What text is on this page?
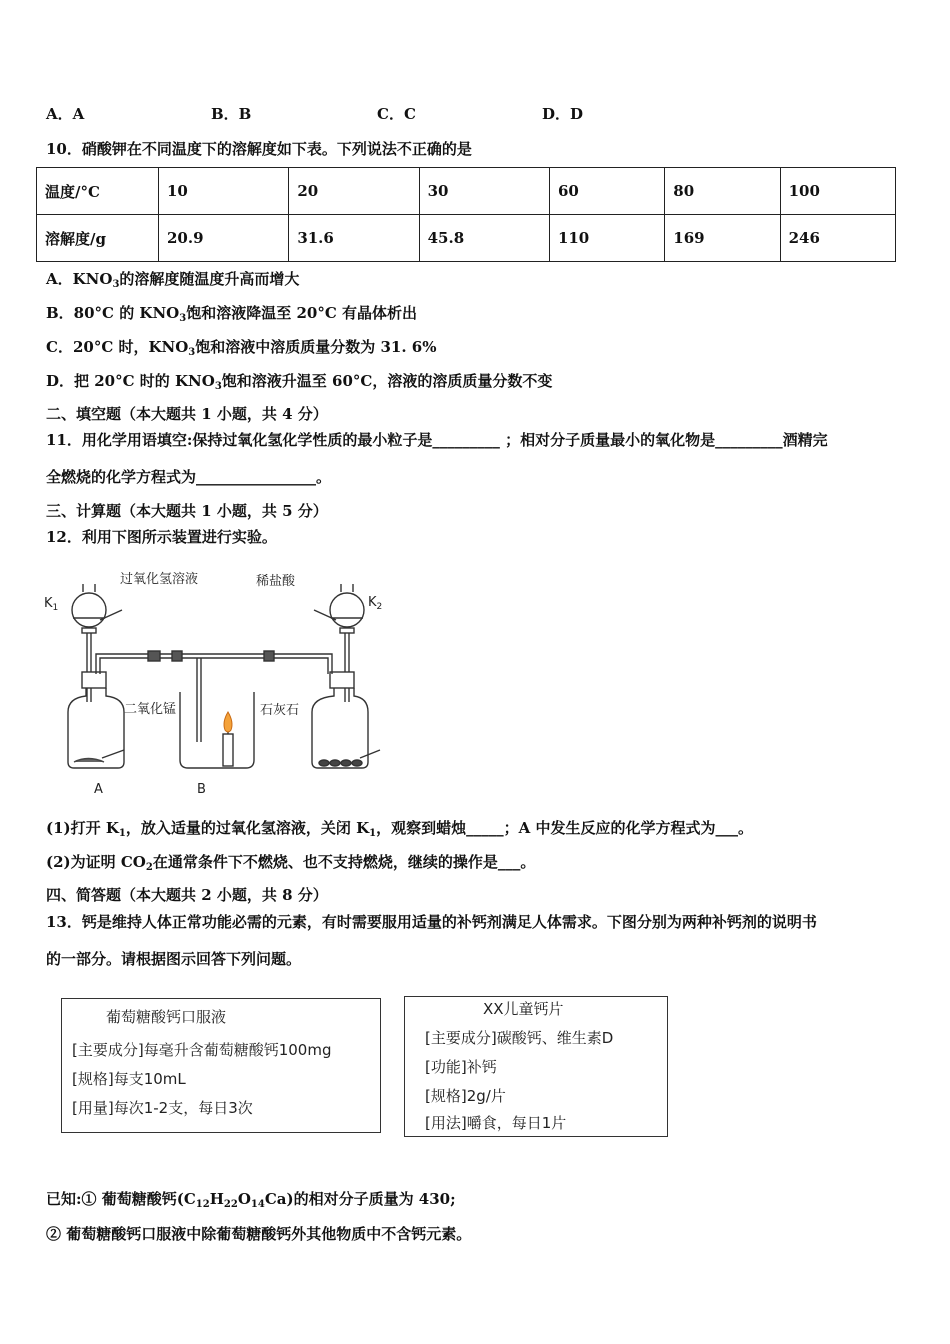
A．A	B．B	C．C	D．D
10．硝酸钾在不同温度下的溶解度如下表。下列说法不正确的是
温度/°C	10	20	30	60	80	100
溶解度/g	20.9	31.6	45.8	110	169	246
A．$KNO_3$的溶解度随温度升高而增大
B．80°C 的 $KNO_3$饱和溶液降温至 20°C 有晶体析出
C．20°C 时，$KNO_3$饱和溶液中溶质质量分数为 31. 6%
D．把 20°C 时的 $KNO_3$饱和溶液升温至 60°C，溶液的溶质质量分数不变
二、填空题（本大题共 1 小题，共 4 分）
11．用化学用语填空:保持过氧化氢化学性质的最小粒子是_________ ；相对分子质量最小的氧化物是_________酒精完
全燃烧的化学方程式为________________。
三、计算题（本大题共 1 小题，共 5 分）
12．利用下图所示装置进行实验。
过氧化氢溶液	稀盐酸
$K_1$	$K_2$
二氧化锰	石灰石
A	B
(1)打开 $K_1$，放入适量的过氧化氢溶液，关闭 $K_1$，观察到蜡烛_____；A 中发生反应的化学方程式为___。
(2)为证明 $CO_2$在通常条件下不燃烧、也不支持燃烧，继续的操作是___。
四、简答题（本大题共 2 小题，共 8 分）
13．钙是维持人体正常功能必需的元素，有时需要服用适量的补钙剂满足人体需求。下图分别为两种补钙剂的说明书
的一部分。请根据图示回答下列问题。
葡萄糖酸钙口服液
[主要成分]每毫升含葡萄糖酸钙100mg
[规格]每支10mL
[用量]每次1-2支，每日3次
XX儿童钙片
[主要成分]碳酸钙、维生素D
[功能]补钙
[规格]2g/片
[用法]嚼食，每日1片
已知:① 葡萄糖酸钙$(C_{12}H_{22}O_{14}Ca)$的相对分子质量为 430;
② 葡萄糖酸钙口服液中除葡萄糖酸钙外其他物质中不含钙元素。
